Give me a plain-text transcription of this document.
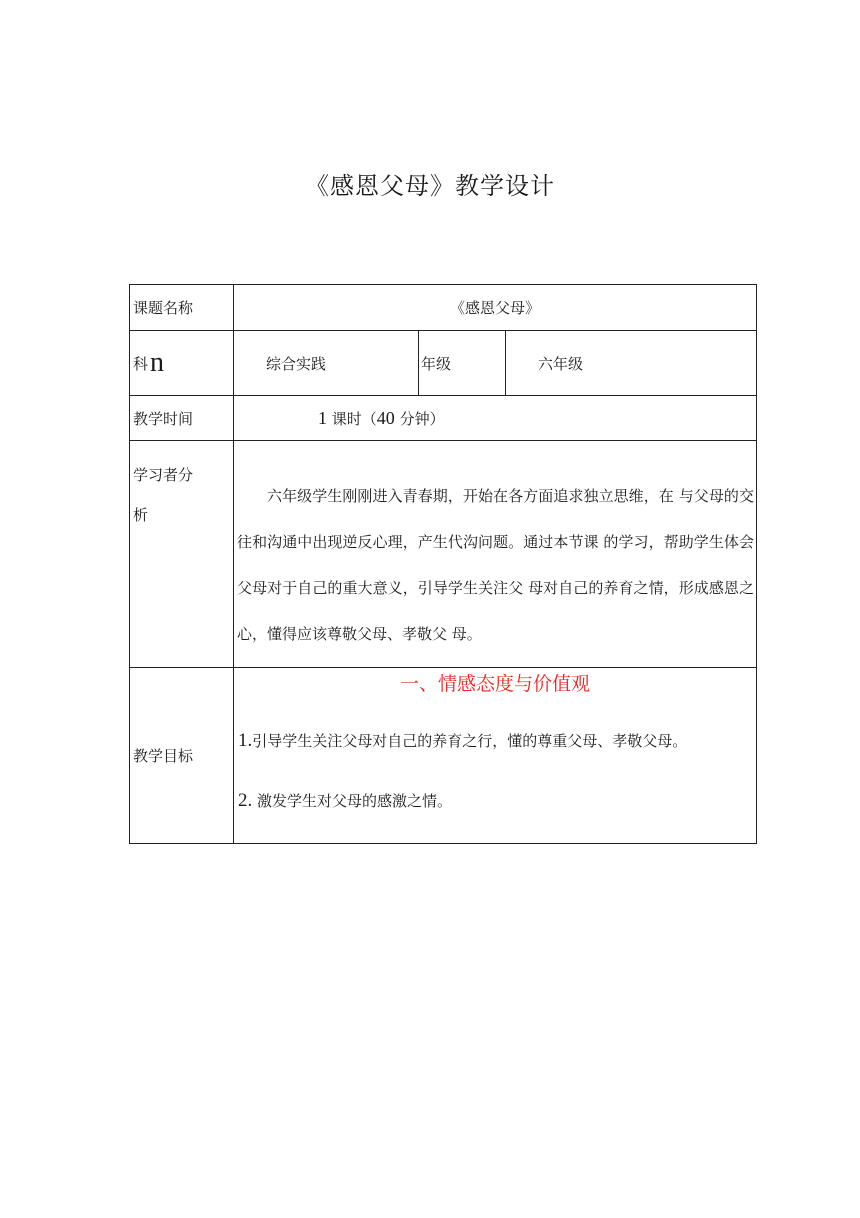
《感恩父母》教学设计
课题名称	《感恩父母》		
科n	综合实践	年级	六年级
教学时间	1 课时（40 分钟）		

学习者分
析	六年级学生刚刚进入青春期，开始在各方面追求独立思维，在 与父母的交往和沟通中出现逆反心理，产生代沟问题。通过本节课 的学习，帮助学生体会父母对于自己的重大意义，引导学生关注父 母对自己的养育之情，形成感恩之心，懂得应该尊敬父母、孝敬父 母。		
教学目标	一、情感态度与价值观
1.引导学生关注父母对自己的养育之行，懂的尊重父母、孝敬父母。
2. 激发学生对父母的感激之情。		
